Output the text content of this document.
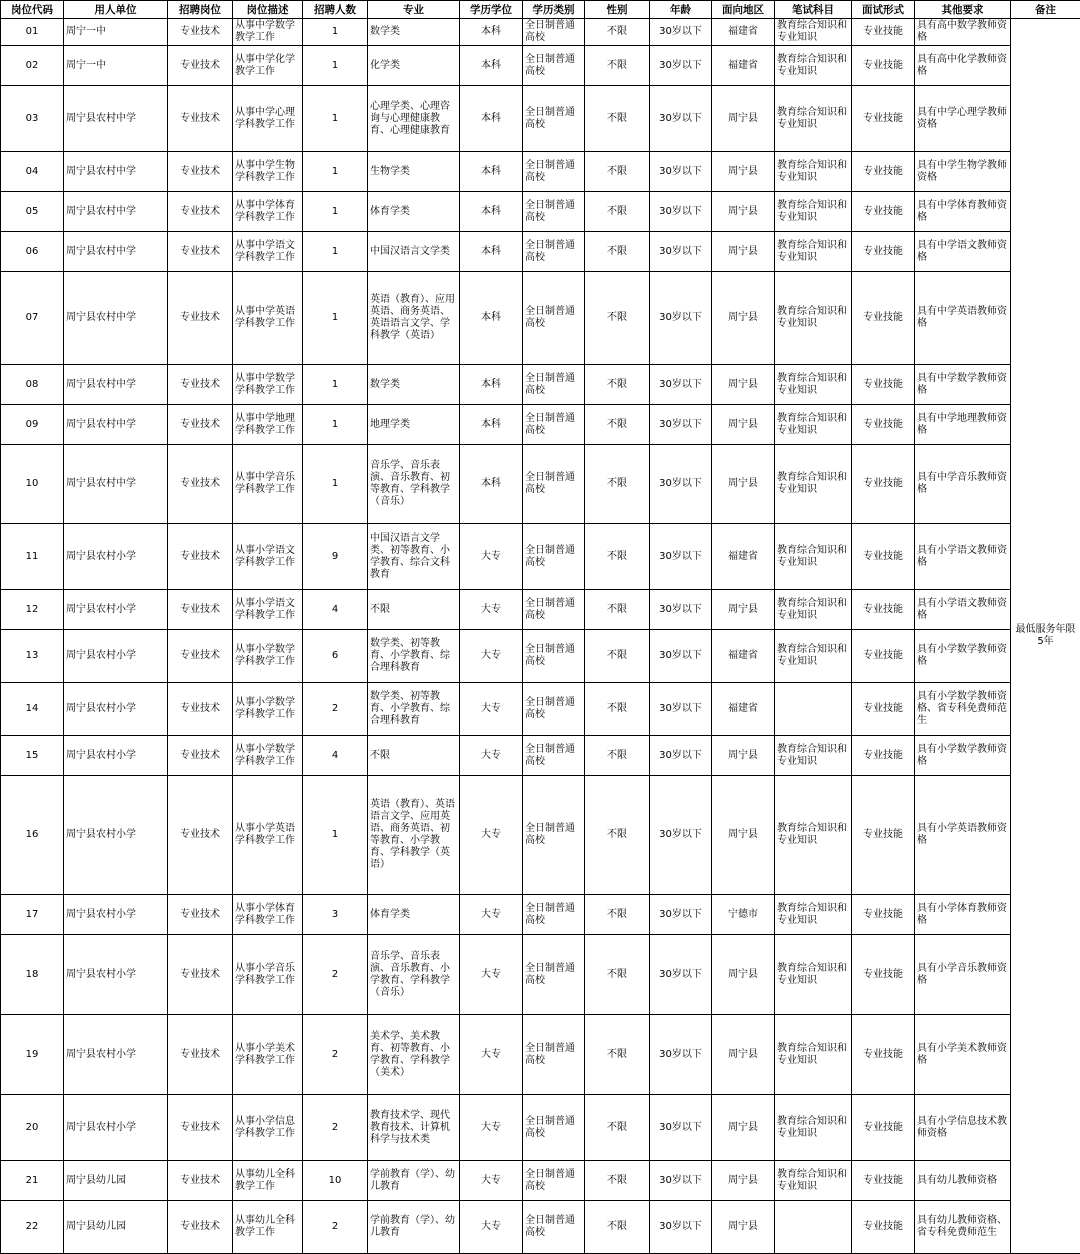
岗位代码	用人单位	招聘岗位	岗位描述	招聘人数	专业	学历学位	学历类别	性别	年龄	面向地区	笔试科目	面试形式	其他要求	备注
01	周宁一中	专业技术	从事中学数学教学工作	1	数学类	本科	全日制普通高校	不限	30岁以下	福建省	教育综合知识和专业知识	专业技能	具有高中数学教师资格	最低服务年限5年
02	周宁一中	专业技术	从事中学化学教学工作	1	化学类	本科	全日制普通高校	不限	30岁以下	福建省	教育综合知识和专业知识	专业技能	具有高中化学教师资格	
03	周宁县农村中学	专业技术	从事中学心理学科教学工作	1	心理学类、心理咨询与心理健康教育、心理健康教育	本科	全日制普通高校	不限	30岁以下	周宁县	教育综合知识和专业知识	专业技能	具有中学心理学教师资格	
04	周宁县农村中学	专业技术	从事中学生物学科教学工作	1	生物学类	本科	全日制普通高校	不限	30岁以下	周宁县	教育综合知识和专业知识	专业技能	具有中学生物学教师资格	
05	周宁县农村中学	专业技术	从事中学体育学科教学工作	1	体育学类	本科	全日制普通高校	不限	30岁以下	周宁县	教育综合知识和专业知识	专业技能	具有中学体育教师资格	
06	周宁县农村中学	专业技术	从事中学语文学科教学工作	1	中国汉语言文学类	本科	全日制普通高校	不限	30岁以下	周宁县	教育综合知识和专业知识	专业技能	具有中学语文教师资格	
07	周宁县农村中学	专业技术	从事中学英语学科教学工作	1	英语（教育）、应用英语、商务英语、英语语言文学、学科教学（英语）	本科	全日制普通高校	不限	30岁以下	周宁县	教育综合知识和专业知识	专业技能	具有中学英语教师资格	
08	周宁县农村中学	专业技术	从事中学数学学科教学工作	1	数学类	本科	全日制普通高校	不限	30岁以下	周宁县	教育综合知识和专业知识	专业技能	具有中学数学教师资格	
09	周宁县农村中学	专业技术	从事中学地理学科教学工作	1	地理学类	本科	全日制普通高校	不限	30岁以下	周宁县	教育综合知识和专业知识	专业技能	具有中学地理教师资格	
10	周宁县农村中学	专业技术	从事中学音乐学科教学工作	1	音乐学、音乐表演、音乐教育、初等教育、学科教学（音乐）	本科	全日制普通高校	不限	30岁以下	周宁县	教育综合知识和专业知识	专业技能	具有中学音乐教师资格	
11	周宁县农村小学	专业技术	从事小学语文学科教学工作	9	中国汉语言文学类、初等教育、小学教育、综合文科教育	大专	全日制普通高校	不限	30岁以下	福建省	教育综合知识和专业知识	专业技能	具有小学语文教师资格	
12	周宁县农村小学	专业技术	从事小学语文学科教学工作	4	不限	大专	全日制普通高校	不限	30岁以下	周宁县	教育综合知识和专业知识	专业技能	具有小学语文教师资格	
13	周宁县农村小学	专业技术	从事小学数学学科教学工作	6	数学类、初等教育、小学教育、综合理科教育	大专	全日制普通高校	不限	30岁以下	福建省	教育综合知识和专业知识	专业技能	具有小学数学教师资格	
14	周宁县农村小学	专业技术	从事小学数学学科教学工作	2	数学类、初等教育、小学教育、综合理科教育	大专	全日制普通高校	不限	30岁以下	福建省		专业技能	具有小学数学教师资格、省专科免费师范生	
15	周宁县农村小学	专业技术	从事小学数学学科教学工作	4	不限	大专	全日制普通高校	不限	30岁以下	周宁县	教育综合知识和专业知识	专业技能	具有小学数学教师资格	
16	周宁县农村小学	专业技术	从事小学英语学科教学工作	1	英语（教育）、英语语言文学、应用英语、商务英语、初等教育、小学教育、学科教学（英语）	大专	全日制普通高校	不限	30岁以下	周宁县	教育综合知识和专业知识	专业技能	具有小学英语教师资格	
17	周宁县农村小学	专业技术	从事小学体育学科教学工作	3	体育学类	大专	全日制普通高校	不限	30岁以下	宁德市	教育综合知识和专业知识	专业技能	具有小学体育教师资格	
18	周宁县农村小学	专业技术	从事小学音乐学科教学工作	2	音乐学、音乐表演、音乐教育、小学教育、学科教学（音乐）	大专	全日制普通高校	不限	30岁以下	周宁县	教育综合知识和专业知识	专业技能	具有小学音乐教师资格	
19	周宁县农村小学	专业技术	从事小学美术学科教学工作	2	美术学、美术教育、初等教育、小学教育、学科教学（美术）	大专	全日制普通高校	不限	30岁以下	周宁县	教育综合知识和专业知识	专业技能	具有小学美术教师资格	
20	周宁县农村小学	专业技术	从事小学信息学科教学工作	2	教育技术学、现代教育技术、计算机科学与技术类	大专	全日制普通高校	不限	30岁以下	周宁县	教育综合知识和专业知识	专业技能	具有小学信息技术教师资格	
21	周宁县幼儿园	专业技术	从事幼儿全科教学工作	10	学前教育（学）、幼儿教育	大专	全日制普通高校	不限	30岁以下	周宁县	教育综合知识和专业知识	专业技能	具有幼儿教师资格	
22	周宁县幼儿园	专业技术	从事幼儿全科教学工作	2	学前教育（学）、幼儿教育	大专	全日制普通高校	不限	30岁以下	周宁县		专业技能	具有幼儿教师资格、省专科免费师范生	
